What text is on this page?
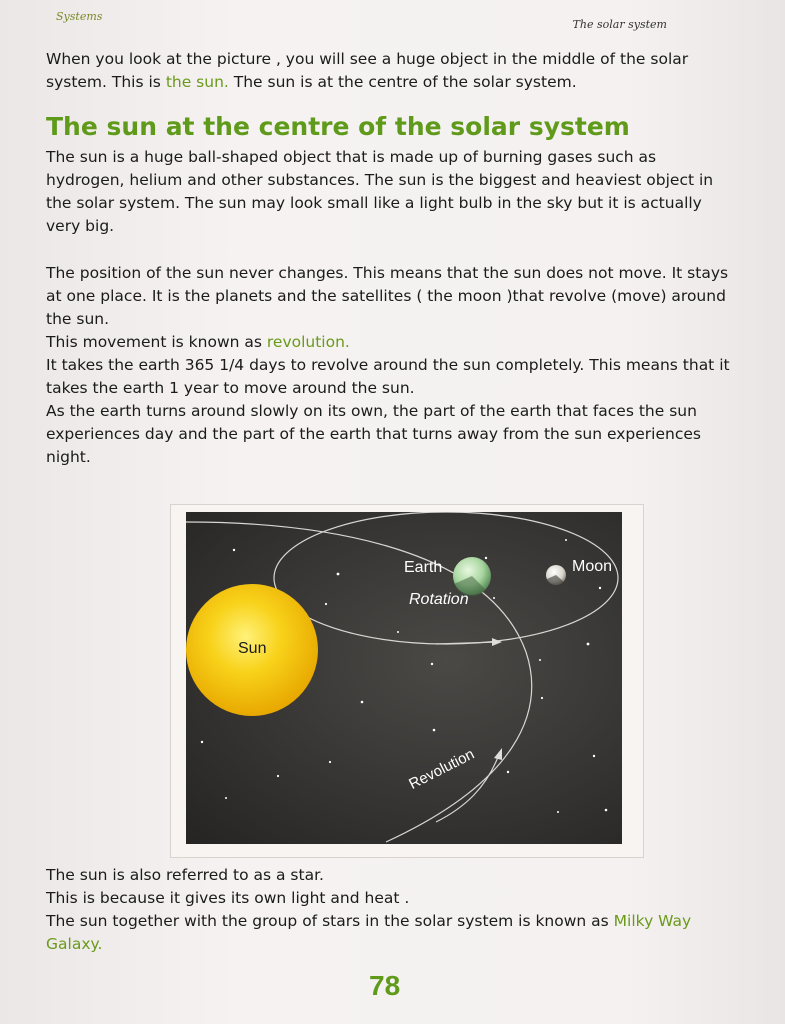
Systems
The solar system

When you look at the picture , you will see a huge object in the middle of the solar system. This is the sun. The sun is at the centre of the solar system.

The sun at the centre of the solar system

The sun is a huge ball-shaped object that is made up of burning gases such as hydrogen, helium and other substances. The sun is the biggest and heaviest object in the solar system. The sun may look small like a light bulb in the sky but it is actually very big.

The position of the sun never changes. This means that the sun does not move. It stays at one place. It is the planets and the satellites ( the moon )that revolve (move) around the sun.
This movement is known as revolution.
It takes the earth 365 1/4 days to revolve around the sun completely. This means that it takes the earth 1 year to move around the sun.
As the earth turns around slowly on its own, the part of the earth that faces the sun experiences day and the part of the earth that turns away from the sun experiences night.
Sun
Earth
Rotation
Moon
Revolution
The sun is also referred to as a star.
This is because it gives its own light and heat .
The sun together with the group of stars in the solar system is known as Milky Way Galaxy.
78
